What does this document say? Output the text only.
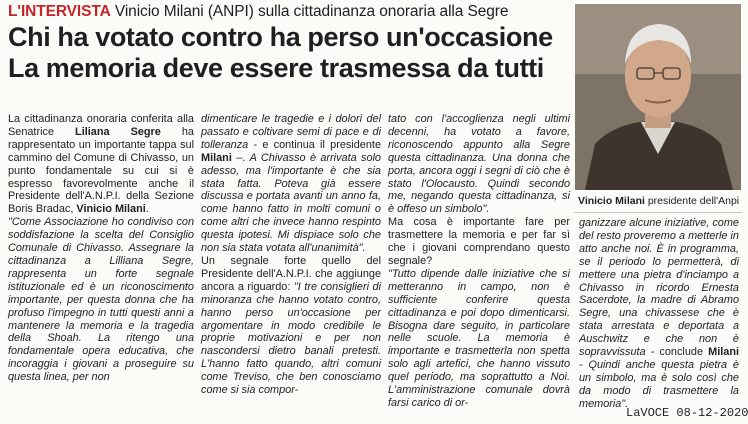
L'INTERVISTA Vinicio Milani (ANPI) sulla cittadinanza onoraria alla Segre
Chi ha votato contro ha perso un'occasione
La memoria deve essere trasmessa da tutti
Vinicio Milani presidente dell'Anpi

La cittadinanza onoraria conferita alla Senatrice Liliana Segre ha rappresentato un importante tappa sul cammino del Comune di Chivasso, un punto fondamentale su cui si è espresso favorevolmente anche il Presidente dell'A.N.P.I. della Sezione Boris Bradac, Vinicio Milani.

"Come Associazione ho condiviso con soddisfazione la scelta del Consiglio Comunale di Chivasso. Assegnare la cittadinanza a Lilliana Segre, rappresenta un forte segnale istituzionale ed è un riconoscimento importante, per questa donna che ha profuso l'impegno in tutti questi anni a mantenere la memoria e la tragedia della Shoah. La ritengo una fondamentale opera educativa, che incoraggia i giovani a proseguire su questa linea, per non

dimenticare le tragedie e i dolori del passato e coltivare semi di pace e di tolleranza - e continua il presidente Milani –. A Chivasso è arrivata solo adesso, ma l'importante è che sia stata fatta. Poteva già essere discussa e portata avanti un anno fa, come hanno fatto in molti comuni o come altri che invece hanno respinto questa ipotesi. Mi dispiace solo che non sia stata votata all'unanimità".

Un segnale forte quello del Presidente dell'A.N.P.I. che aggiunge ancora a riguardo: "I tre consiglieri di minoranza che hanno votato contro, hanno perso un'occasione per argomentare in modo credibile le proprie motivazioni e per non nascondersi dietro banali pretesti. L'hanno fatto quando, altri comuni come Treviso, che ben conosciamo come si sia compor-

tato con l'accoglienza negli ultimi decenni, ha votato a favore, riconoscendo appunto alla Segre questa cittadinanza. Una donna che porta, ancora oggi i segni di ciò che è stato l'Olocausto. Quindi secondo me, negando questa cittadinanza, si è offeso un simbolo".

Ma cosa è importante fare per trasmettere la memoria e per far sì che i giovani comprendano questo segnale?

"Tutto dipende dalle iniziative che si metteranno in campo, non è sufficiente conferire questa cittadinanza e poi dopo dimenticarsi. Bisogna dare seguito, in particolare nelle scuole. La memoria è importante e trasmetterla non spetta solo agli artefici, che hanno vissuto quel periodo, ma soprattutto a Noi. L'amministrazione comunale dovrà farsi carico di or-

ganizzare alcune iniziative, come del resto proveremo a metterle in atto anche noi. È in programma, se il periodo lo permetterà, di mettere una pietra d'inciampo a Chivasso in ricordo Ernesta Sacerdote, la madre di Abramo Segre, una chivassese che è stata arrestata e deportata a Auschwitz e che non è sopravvissuta - conclude Milani - Quindi anche questa pietra è un simbolo, ma è solo così che da modo di trasmettere la memoria".

LaVOCE 08-12-2020
